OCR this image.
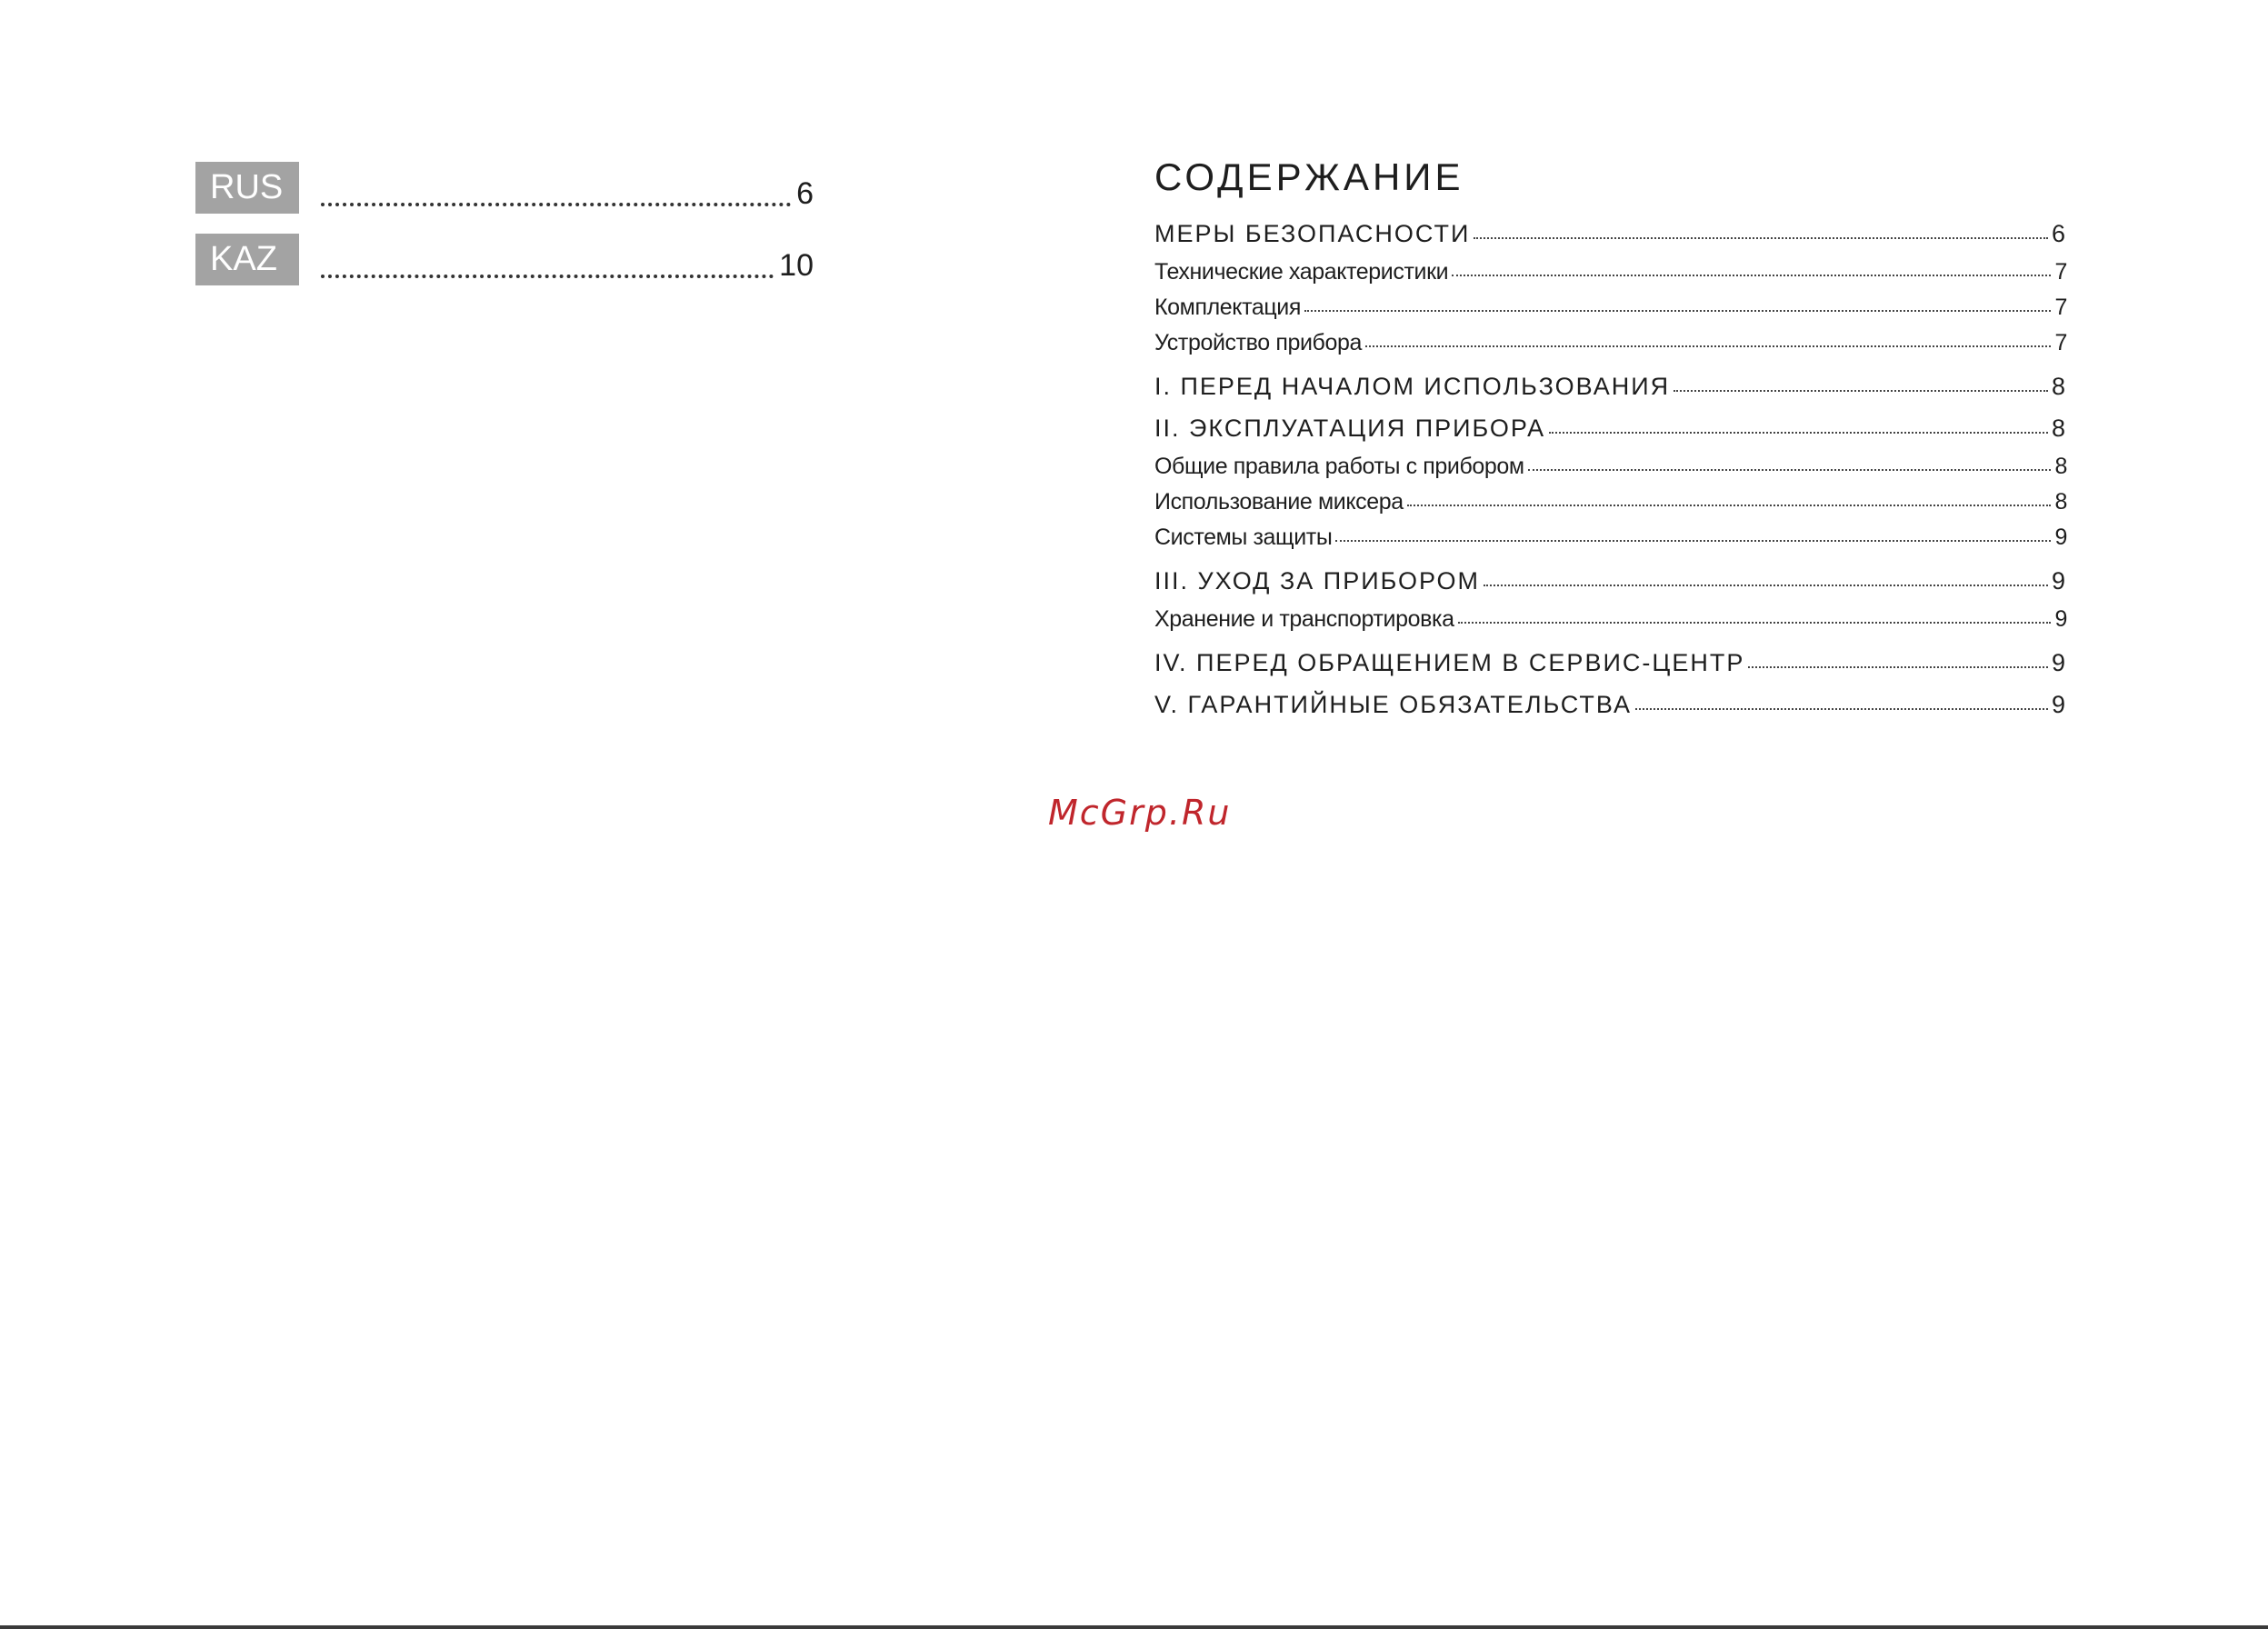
RUS	6
KAZ	10
СОДЕРЖАНИЕ
МЕРЫ БЕЗОПАСНОСТИ	6
Технические характеристики	7
Комплектация	7
Устройство прибора	7
I. ПЕРЕД НАЧАЛОМ ИСПОЛЬЗОВАНИЯ	8
II. ЭКСПЛУАТАЦИЯ ПРИБОРА	8
Общие правила работы с прибором	8
Использование миксера	8
Системы защиты	9
III. УХОД ЗА ПРИБОРОМ	9
Хранение и транспортировка	9
IV. ПЕРЕД ОБРАЩЕНИЕМ В СЕРВИС-ЦЕНТР	9
V. ГАРАНТИЙНЫЕ ОБЯЗАТЕЛЬСТВА	9
McGrp.Ru
